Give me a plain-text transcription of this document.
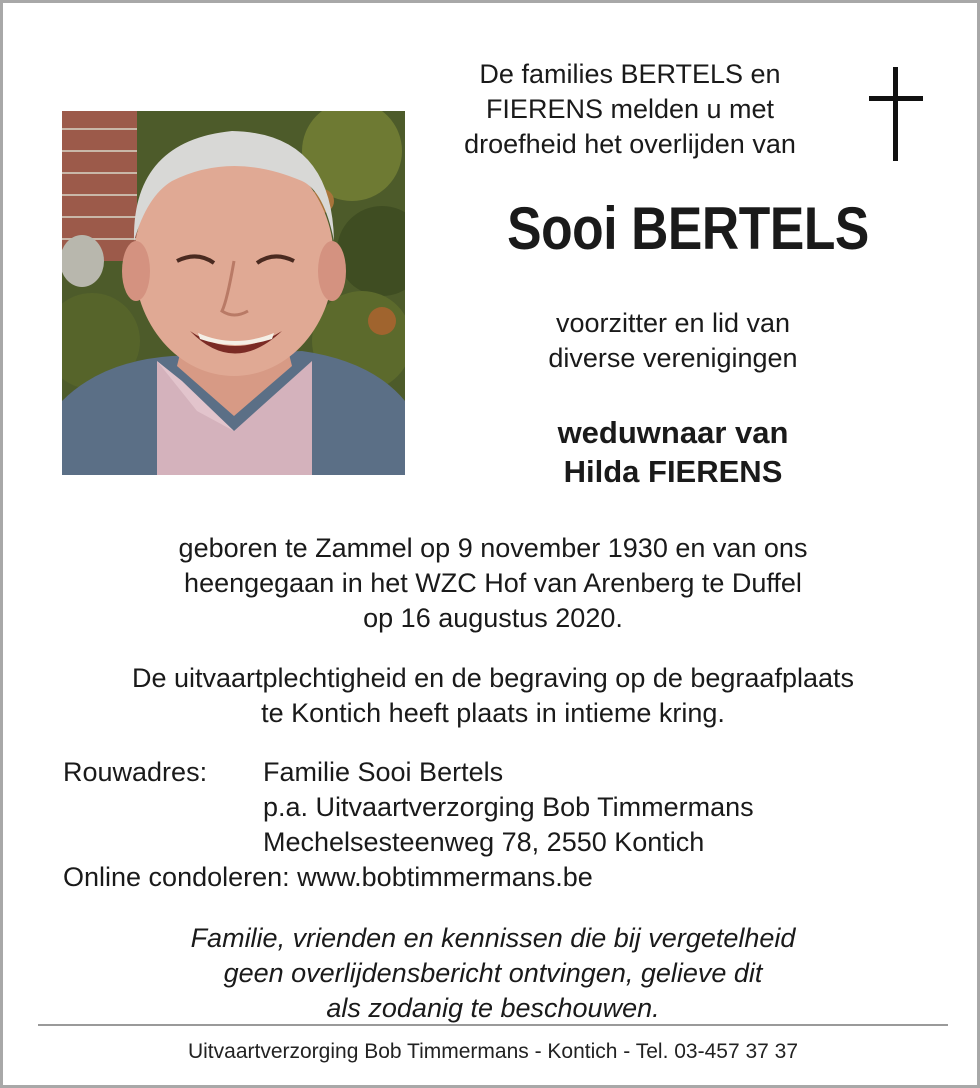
De families BERTELS en
FIERENS melden u met
droefheid het overlijden van
Sooi BERTELS
voorzitter en lid van
diverse verenigingen
weduwnaar van
Hilda FIERENS
geboren te Zammel op 9 november 1930 en van ons
heengegaan in het WZC Hof van Arenberg te Duffel
op 16 augustus 2020.
De uitvaartplechtigheid en de begraving op de begraafplaats
te Kontich heeft plaats in intieme kring.
Rouwadres:	Familie Sooi Bertels
p.a. Uitvaartverzorging Bob Timmermans
Mechelsesteenweg 78, 2550 Kontich
Online condoleren: www.bobtimmermans.be
Familie, vrienden en kennissen die bij vergetelheid
geen overlijdensbericht ontvingen, gelieve dit
als zodanig te beschouwen.
Uitvaartverzorging Bob Timmermans - Kontich - Tel. 03-457 37 37
